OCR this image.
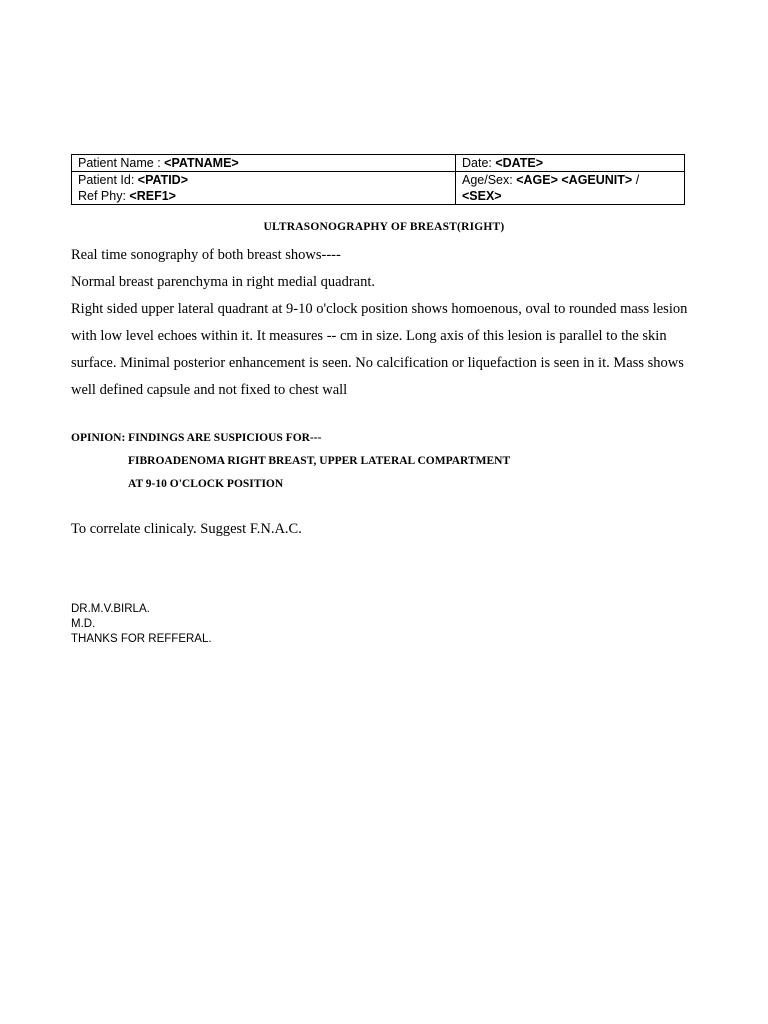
Patient Name : <PATNAME>	Date: <DATE>

Patient Id: <PATID>
Ref Phy: <REF1>	Age/Sex: <AGE> <AGEUNIT> /
<SEX>
ULTRASONOGRAPHY OF BREAST(RIGHT)

Real time sonography of both breast shows----

Normal breast parenchyma in right medial quadrant.

Right sided upper lateral quadrant at 9-10 o'clock position shows homoenous, oval to rounded mass lesion

with low level echoes within it. It measures -- cm in size. Long axis of this lesion is parallel to the skin

surface. Minimal posterior enhancement is seen. No calcification or liquefaction is seen in it. Mass shows

well defined capsule and not fixed to chest wall

OPINION: FINDINGS ARE SUSPICIOUS FOR---

FIBROADENOMA RIGHT BREAST, UPPER LATERAL COMPARTMENT

AT 9-10 O'CLOCK POSITION

To correlate clinicaly. Suggest F.N.A.C.

DR.M.V.BIRLA.

M.D.

THANKS FOR REFFERAL.
